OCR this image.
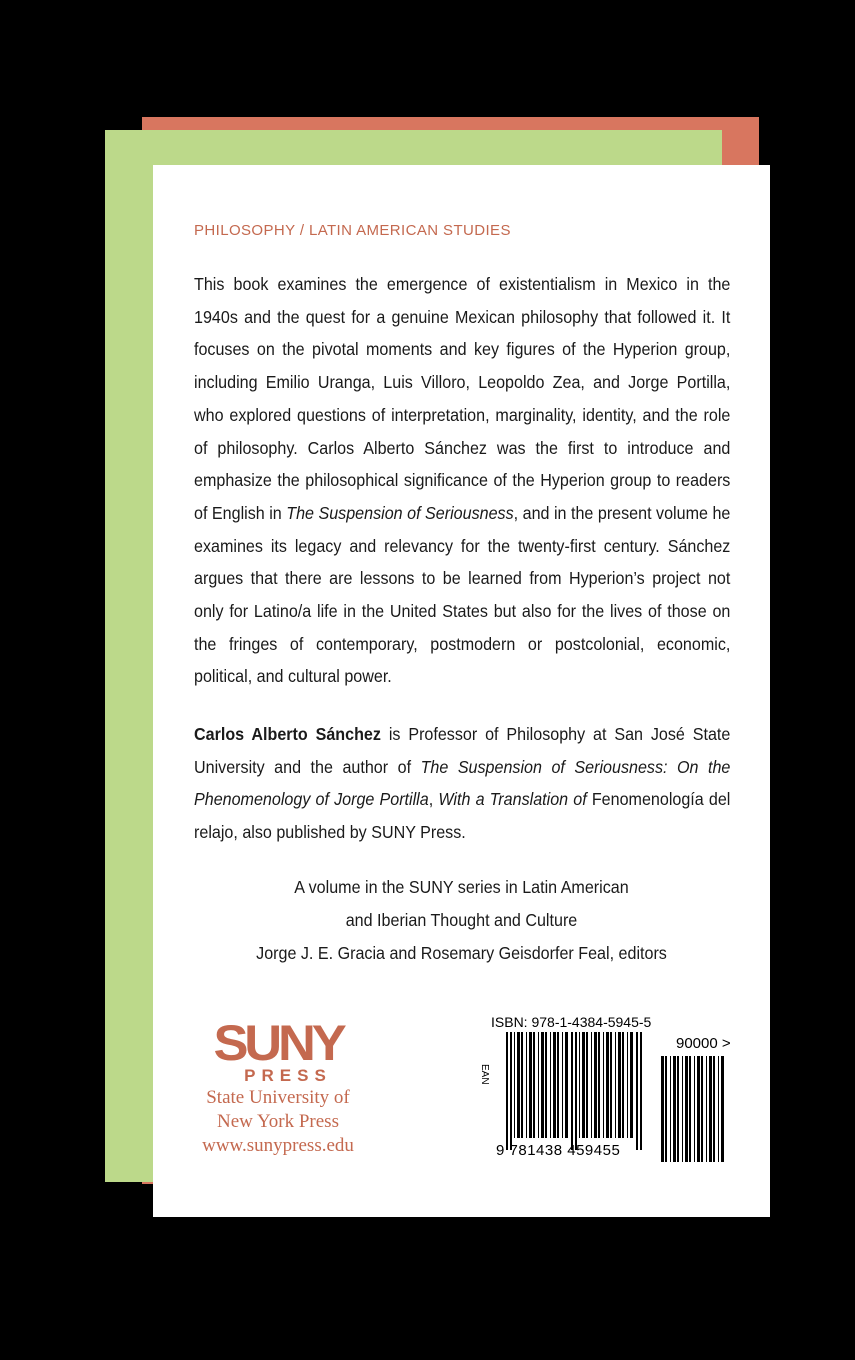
PHILOSOPHY / LATIN AMERICAN STUDIES

This book examines the emergence of existentialism in Mexico in the 1940s and the quest for a genuine Mexican philosophy that followed it. It focuses on the pivotal moments and key figures of the Hyperion group, including Emilio Uranga, Luis Villoro, Leopoldo Zea, and Jorge Portilla, who explored questions of interpretation, marginality, identity, and the role of philosophy. Carlos Alberto Sánchez was the first to introduce and emphasize the philosophical significance of the Hyperion group to readers of English in The Suspension of Seriousness, and in the present volume he examines its legacy and relevancy for the twenty-first century. Sánchez argues that there are lessons to be learned from Hyperion’s project not only for Latino/a life in the United States but also for the lives of those on the fringes of contemporary, postmodern or postcolonial, economic, political, and cultural power.

Carlos Alberto Sánchez is Professor of Philosophy at San José State University and the author of The Suspension of Seriousness: On the Phenomenology of Jorge Portilla, With a Translation of Fenomenología del relajo, also published by SUNY Press.

A volume in the SUNY series in Latin American
and Iberian Thought and Culture
Jorge J. E. Gracia and Rosemary Geisdorfer Feal, editors
SUNY
PRESS
State University of
New York Press
www.sunypress.edu
ISBN: 978-1-4384-5945-5
EAN
90000 >
9 781438 459455
